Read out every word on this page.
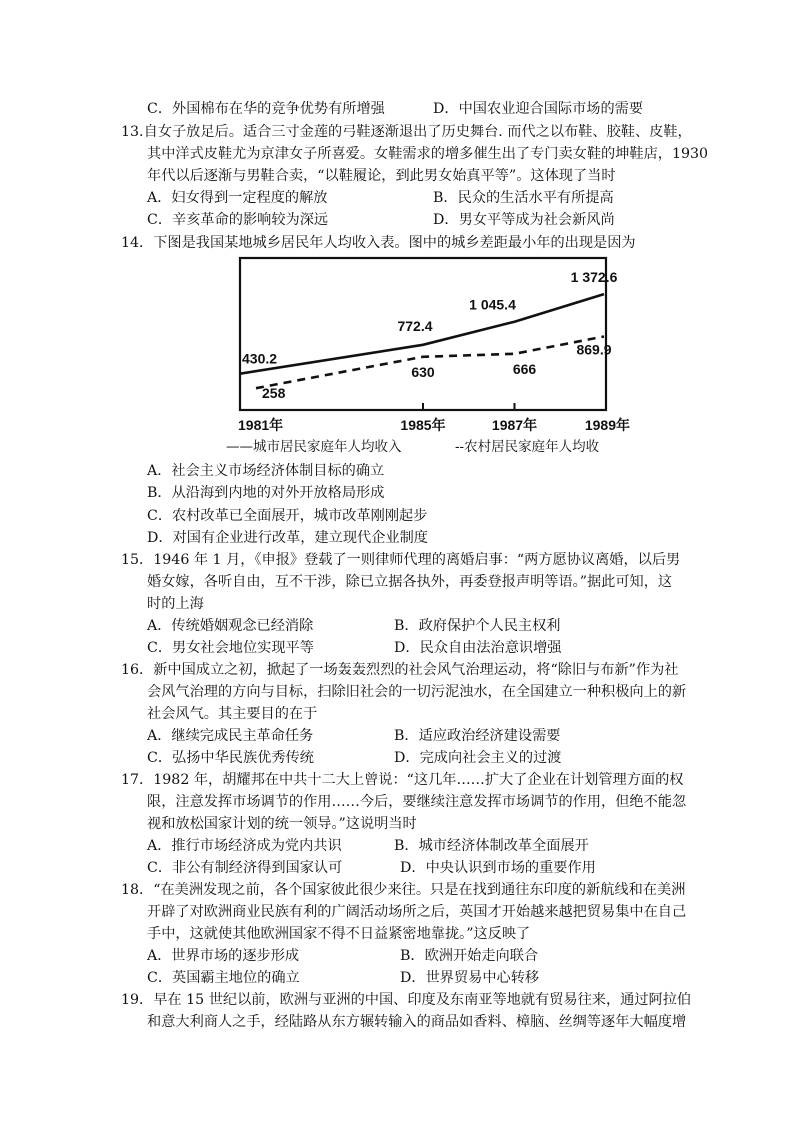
C．外国棉布在华的竞争优势有所增强	D．中国农业迎合国际市场的需要
13.自女子放足后。适合三寸金莲的弓鞋逐渐退出了历史舞台. 而代之以布鞋、胶鞋、皮鞋，
其中洋式皮鞋尤为京津女子所喜爱。女鞋需求的增多催生出了专门卖女鞋的坤鞋店，1930
年代以后逐渐与男鞋合卖，“以鞋履论，到此男女始真平等”。这体现了当时
A．妇女得到一定程度的解放	B．民众的生活水平有所提高
C．辛亥革命的影响较为深远	D．男女平等成为社会新风尚
14．下图是我国某地城乡居民年人均收入表。图中的城乡差距最小年的出现是因为
430.2
772.4
1 045.4
1 372.6
258
630	666
869.9
1981年	1985年	1987年	1989年
——城市居民家庭年人均收入	--农村居民家庭年人均收
A．社会主义市场经济体制目标的确立
B．从沿海到内地的对外开放格局形成
C．农村改革已全面展开，城市改革刚刚起步
D．对国有企业进行改革，建立现代企业制度
15．1946 年 1 月，《申报》登载了一则律师代理的离婚启事：“两方愿协议离婚，以后男
婚女嫁，各听自由，互不干涉，除已立据各执外，再委登报声明等语。”据此可知，这
时的上海
A．传统婚姻观念已经消除	B．政府保护个人民主权利
C．男女社会地位实现平等	D．民众自由法治意识增强
16．新中国成立之初，掀起了一场轰轰烈烈的社会风气治理运动，将“除旧与布新”作为社
会风气治理的方向与目标，扫除旧社会的一切污泥浊水，在全国建立一种积极向上的新
社会风气。其主要目的在于
A．继续完成民主革命任务	B．适应政治经济建设需要
C．弘扬中华民族优秀传统	D．完成向社会主义的过渡
17．1982 年，胡耀邦在中共十二大上曾说：“这几年……扩大了企业在计划管理方面的权
限，注意发挥市场调节的作用……今后，要继续注意发挥市场调节的作用，但绝不能忽
视和放松国家计划的统一领导。”这说明当时
A．推行市场经济成为党内共识	B．城市经济体制改革全面展开
C．非公有制经济得到国家认可	D．中央认识到市场的重要作用
18．“在美洲发现之前，各个国家彼此很少来往。只是在找到通往东印度的新航线和在美洲
开辟了对欧洲商业民族有利的广阔活动场所之后，英国才开始越来越把贸易集中在自己
手中，这就使其他欧洲国家不得不日益紧密地靠拢。”这反映了
A．世界市场的逐步形成	B．欧洲开始走向联合
C．英国霸主地位的确立	D．世界贸易中心转移
19．早在 15 世纪以前，欧洲与亚洲的中国、印度及东南亚等地就有贸易往来，通过阿拉伯
和意大利商人之手，经陆路从东方辗转输入的商品如香料、樟脑、丝绸等逐年大幅度增
